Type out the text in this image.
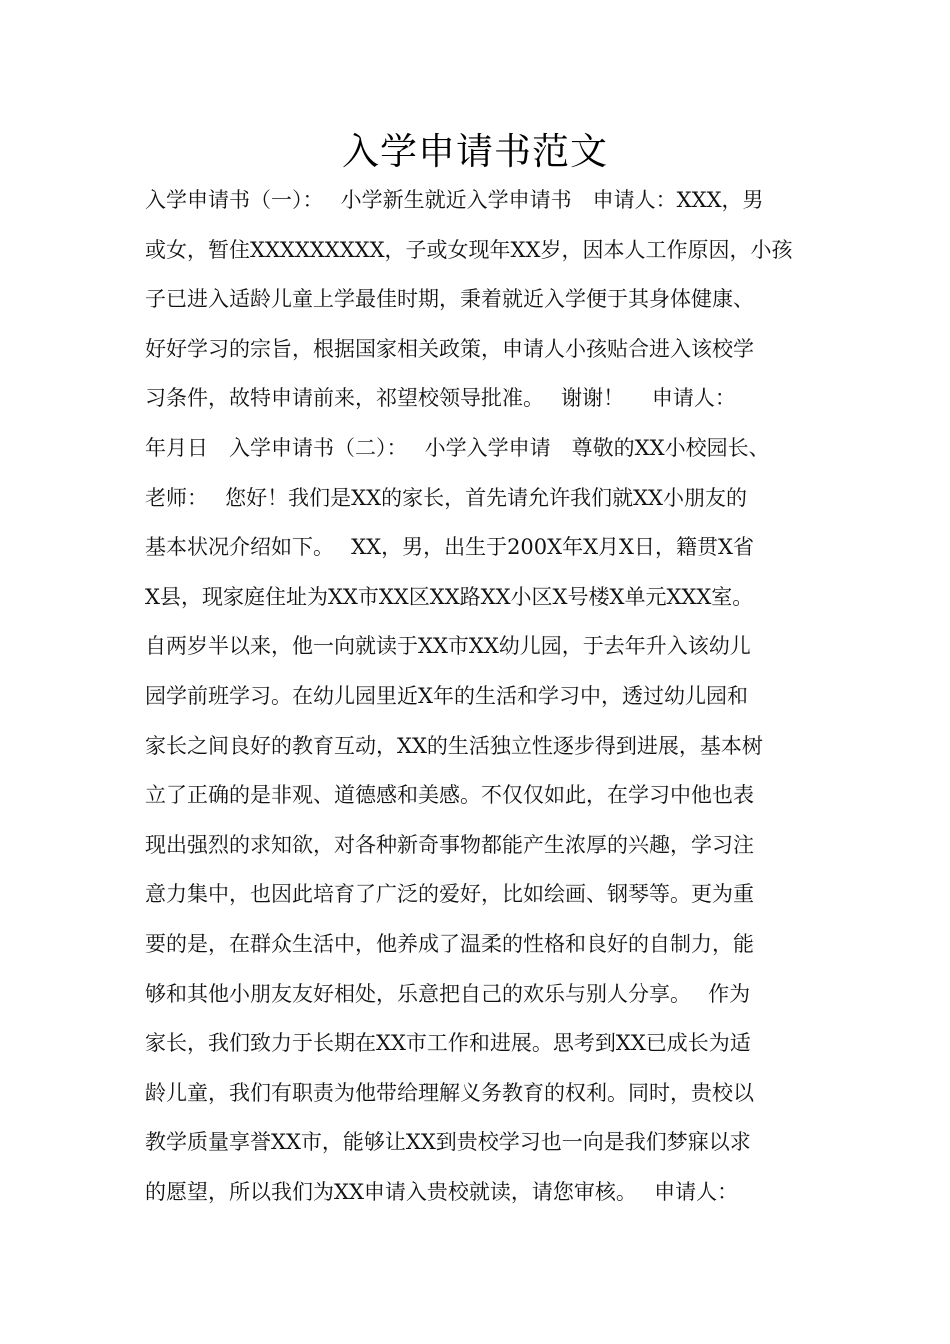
入学申请书范文
入学申请书（一）：　 小学新生就近入学申请书　申请人：XXX，男
或女，暂住XXXXXXXXX，子或女现年XX岁，因本人工作原因，小孩
子已进入适龄儿童上学最佳时期，秉着就近入学便于其身体健康、
好好学习的宗旨，根据国家相关政策，申请人小孩贴合进入该校学
习条件，故特申请前来，祁望校领导批准。　 谢谢！　 申请人：
年月日　入学申请书（二）：　 小学入学申请　尊敬的XX小校园长、
老师：　 您好！我们是XX的家长，首先请允许我们就XX小朋友的
基本状况介绍如下。　 XX，男，出生于200X年X月X日，籍贯X省
X县，现家庭住址为XX市XX区XX路XX小区X号楼X单元XXX室。
自两岁半以来，他一向就读于XX市XX幼儿园，于去年升入该幼儿
园学前班学习。在幼儿园里近X年的生活和学习中，透过幼儿园和
家长之间良好的教育互动，XX的生活独立性逐步得到进展，基本树
立了正确的是非观、道德感和美感。不仅仅如此，在学习中他也表
现出强烈的求知欲，对各种新奇事物都能产生浓厚的兴趣，学习注
意力集中，也因此培育了广泛的爱好，比如绘画、钢琴等。更为重
要的是，在群众生活中，他养成了温柔的性格和良好的自制力，能
够和其他小朋友友好相处，乐意把自己的欢乐与别人分享。　 作为
家长，我们致力于长期在XX市工作和进展。思考到XX已成长为适
龄儿童，我们有职责为他带给理解义务教育的权利。同时，贵校以
教学质量享誉XX市，能够让XX到贵校学习也一向是我们梦寐以求
的愿望，所以我们为XX申请入贵校就读，请您审核。　 申请人：
